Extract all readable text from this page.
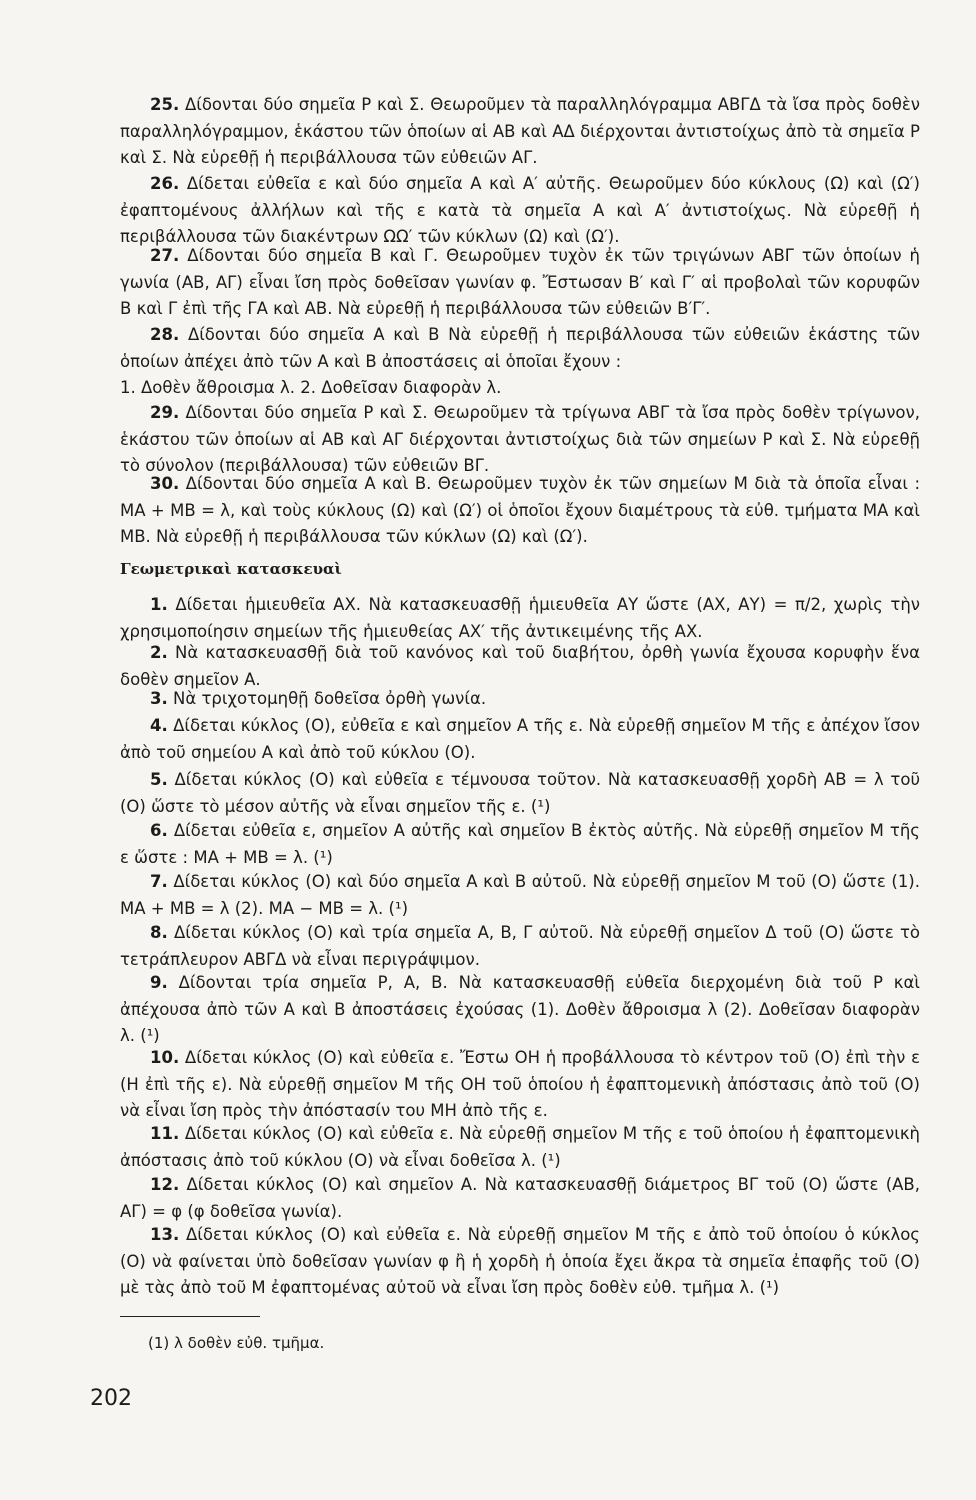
25. Δίδονται δύο σημεῖα Ρ καὶ Σ. Θεωροῦμεν τὰ παραλληλόγραμμα ΑΒΓΔ τὰ ἴσα πρὸς δοθὲν παραλληλόγραμμον, ἑκάστου τῶν ὁποίων αἱ ΑΒ καὶ ΑΔ διέρχονται ἀντιστοίχως ἀπὸ τὰ σημεῖα Ρ καὶ Σ. Νὰ εὑρεθῇ ἡ περιβάλλουσα τῶν εὐθειῶν ΑΓ.

26. Δίδεται εὐθεῖα ε καὶ δύο σημεῖα Α καὶ Α′ αὐτῆς. Θεωροῦμεν δύο κύκλους (Ω) καὶ (Ω′) ἐφαπτομένους ἀλλήλων καὶ τῆς ε κατὰ τὰ σημεῖα Α καὶ Α′ ἀντιστοίχως. Νὰ εὑρεθῇ ἡ περιβάλλουσα τῶν διακέντρων ΩΩ′ τῶν κύκλων (Ω) καὶ (Ω′).

27. Δίδονται δύο σημεῖα Β καὶ Γ. Θεωροῦμεν τυχὸν ἐκ τῶν τριγώνων ΑΒΓ τῶν ὁποίων ἡ γωνία (ΑΒ, ΑΓ) εἶναι ἴση πρὸς δοθεῖσαν γωνίαν φ. Ἔστωσαν Β′ καὶ Γ′ αἱ προβολαὶ τῶν κορυφῶν Β καὶ Γ ἐπὶ τῆς ΓΑ καὶ ΑΒ. Νὰ εὑρεθῇ ἡ περιβάλλουσα τῶν εὐθειῶν Β′Γ′.

28. Δίδονται δύο σημεῖα Α καὶ Β Νὰ εὑρεθῇ ἡ περιβάλλουσα τῶν εὐθειῶν ἑκάστης τῶν ὁποίων ἀπέχει ἀπὸ τῶν Α καὶ Β ἀποστάσεις αἱ ὁποῖαι ἔχουν :
1. Δοθὲν ἄθροισμα λ. 2. Δοθεῖσαν διαφορὰν λ.

29. Δίδονται δύο σημεῖα Ρ καὶ Σ. Θεωροῦμεν τὰ τρίγωνα ΑΒΓ τὰ ἴσα πρὸς δοθὲν τρίγωνον, ἑκάστου τῶν ὁποίων αἱ ΑΒ καὶ ΑΓ διέρχονται ἀντιστοίχως διὰ τῶν σημείων Ρ καὶ Σ. Νὰ εὑρεθῇ τὸ σύνολον (περιβάλλουσα) τῶν εὐθειῶν ΒΓ.

30. Δίδονται δύο σημεῖα Α καὶ Β. Θεωροῦμεν τυχὸν ἐκ τῶν σημείων Μ διὰ τὰ ὁποῖα εἶναι : ΜΑ + ΜΒ = λ, καὶ τοὺς κύκλους (Ω) καὶ (Ω′) οἱ ὁποῖοι ἔχουν διαμέτρους τὰ εὐθ. τμήματα ΜΑ καὶ ΜΒ. Νὰ εὑρεθῇ ἡ περιβάλλουσα τῶν κύκλων (Ω) καὶ (Ω′).

Γεωμετρικαὶ κατασκευαὶ

1. Δίδεται ἡμιευθεῖα ΑΧ. Νὰ κατασκευασθῇ ἡμιευθεῖα ΑΥ ὥστε (ΑΧ, ΑΥ) = π/2, χωρὶς τὴν χρησιμοποίησιν σημείων τῆς ἡμιευθείας ΑΧ′ τῆς ἀντικειμένης τῆς ΑΧ.

2. Νὰ κατασκευασθῇ διὰ τοῦ κανόνος καὶ τοῦ διαβήτου, ὀρθὴ γωνία ἔχουσα κορυφὴν ἕνα δοθὲν σημεῖον Α.

3. Νὰ τριχοτομηθῇ δοθεῖσα ὀρθὴ γωνία.

4. Δίδεται κύκλος (Ο), εὐθεῖα ε καὶ σημεῖον Α τῆς ε. Νὰ εὑρεθῇ σημεῖον Μ τῆς ε ἀπέχον ἴσον ἀπὸ τοῦ σημείου Α καὶ ἀπὸ τοῦ κύκλου (Ο).

5. Δίδεται κύκλος (Ο) καὶ εὐθεῖα ε τέμνουσα τοῦτον. Νὰ κατασκευασθῇ χορδὴ ΑΒ = λ τοῦ (Ο) ὥστε τὸ μέσον αὐτῆς νὰ εἶναι σημεῖον τῆς ε. (¹)

6. Δίδεται εὐθεῖα ε, σημεῖον Α αὐτῆς καὶ σημεῖον Β ἐκτὸς αὐτῆς. Νὰ εὑρεθῇ σημεῖον Μ τῆς ε ὥστε : ΜΑ + ΜΒ = λ. (¹)

7. Δίδεται κύκλος (Ο) καὶ δύο σημεῖα Α καὶ Β αὐτοῦ. Νὰ εὑρεθῇ σημεῖον Μ τοῦ (Ο) ὥστε (1). ΜΑ + ΜΒ = λ (2). ΜΑ − ΜΒ = λ. (¹)

8. Δίδεται κύκλος (Ο) καὶ τρία σημεῖα Α, Β, Γ αὐτοῦ. Νὰ εὑρεθῇ σημεῖον Δ τοῦ (Ο) ὥστε τὸ τετράπλευρον ΑΒΓΔ νὰ εἶναι περιγράψιμον.

9. Δίδονται τρία σημεῖα Ρ, Α, Β. Νὰ κατασκευασθῇ εὐθεῖα διερχομένη διὰ τοῦ Ρ καὶ ἀπέχουσα ἀπὸ τῶν Α καὶ Β ἀποστάσεις ἐχούσας (1). Δοθὲν ἄθροισμα λ (2). Δοθεῖσαν διαφορὰν λ. (¹)

10. Δίδεται κύκλος (Ο) καὶ εὐθεῖα ε. Ἔστω ΟΗ ἡ προβάλλουσα τὸ κέντρον τοῦ (Ο) ἐπὶ τὴν ε (Η ἐπὶ τῆς ε). Νὰ εὑρεθῇ σημεῖον Μ τῆς ΟΗ τοῦ ὁποίου ἡ ἐφαπτομενικὴ ἀπόστασις ἀπὸ τοῦ (Ο) νὰ εἶναι ἴση πρὸς τὴν ἀπόστασίν του ΜΗ ἀπὸ τῆς ε.

11. Δίδεται κύκλος (Ο) καὶ εὐθεῖα ε. Νὰ εὑρεθῇ σημεῖον Μ τῆς ε τοῦ ὁποίου ἡ ἐφαπτομενικὴ ἀπόστασις ἀπὸ τοῦ κύκλου (Ο) νὰ εἶναι δοθεῖσα λ. (¹)

12. Δίδεται κύκλος (Ο) καὶ σημεῖον Α. Νὰ κατασκευασθῇ διάμετρος ΒΓ τοῦ (Ο) ὥστε (ΑΒ, ΑΓ) = φ (φ δοθεῖσα γωνία).

13. Δίδεται κύκλος (Ο) καὶ εὐθεῖα ε. Νὰ εὑρεθῇ σημεῖον Μ τῆς ε ἀπὸ τοῦ ὁποίου ὁ κύκλος (Ο) νὰ φαίνεται ὑπὸ δοθεῖσαν γωνίαν φ ἢ ἡ χορδὴ ἡ ὁποία ἔχει ἄκρα τὰ σημεῖα ἐπαφῆς τοῦ (Ο) μὲ τὰς ἀπὸ τοῦ Μ ἐφαπτομένας αὐτοῦ νὰ εἶναι ἴση πρὸς δοθὲν εὐθ. τμῆμα λ. (¹)

(1) λ δοθὲν εὐθ. τμῆμα.

202
